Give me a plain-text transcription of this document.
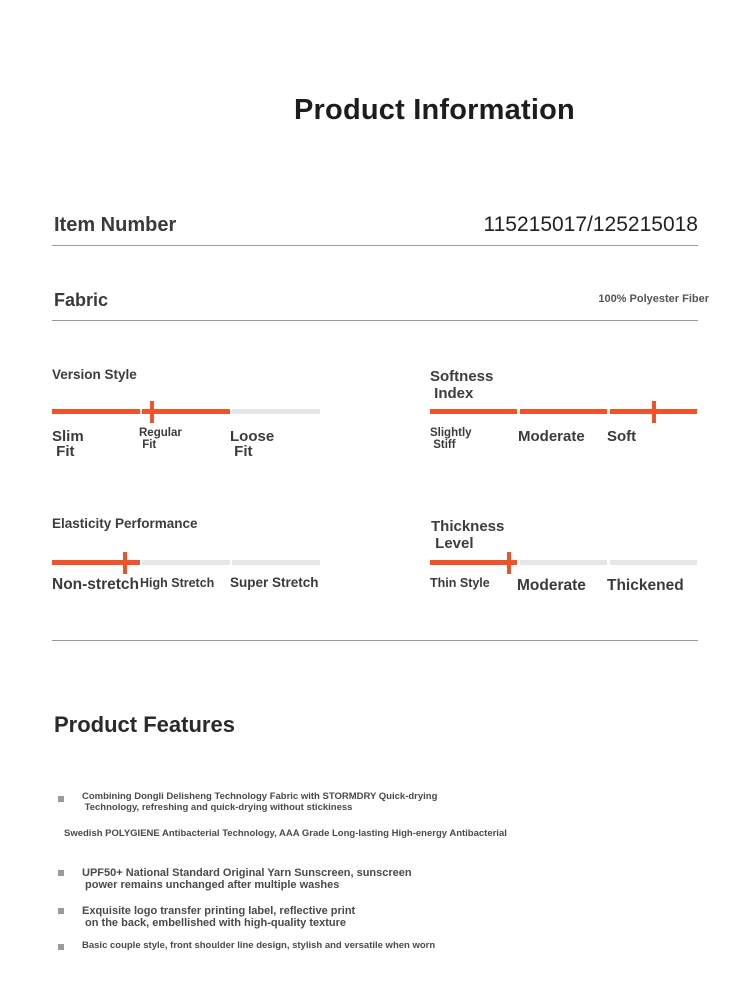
Product Information
Item Number	115215017/125215018
Fabric	100% Polyester Fiber
Version Style
Slim
Fit
Regular
Fit	Loose
Fit
Softness
Index
Slightly
Stiff	Moderate Soft
Elasticity Performance
Non-stretch High Stretch Super Stretch
Thickness
Level
Thin Style Moderate Thickened
Product Features
Combining Dongli Delisheng Technology Fabric with STORMDRY Quick-drying
Technology, refreshing and quick-drying without stickiness
Swedish POLYGIENE Antibacterial Technology, AAA Grade Long-lasting High-energy Antibacterial
UPF50+ National Standard Original Yarn Sunscreen, sunscreen
power remains unchanged after multiple washes
Exquisite logo transfer printing label, reflective print
on the back, embellished with high-quality texture
Basic couple style, front shoulder line design, stylish and versatile when worn
